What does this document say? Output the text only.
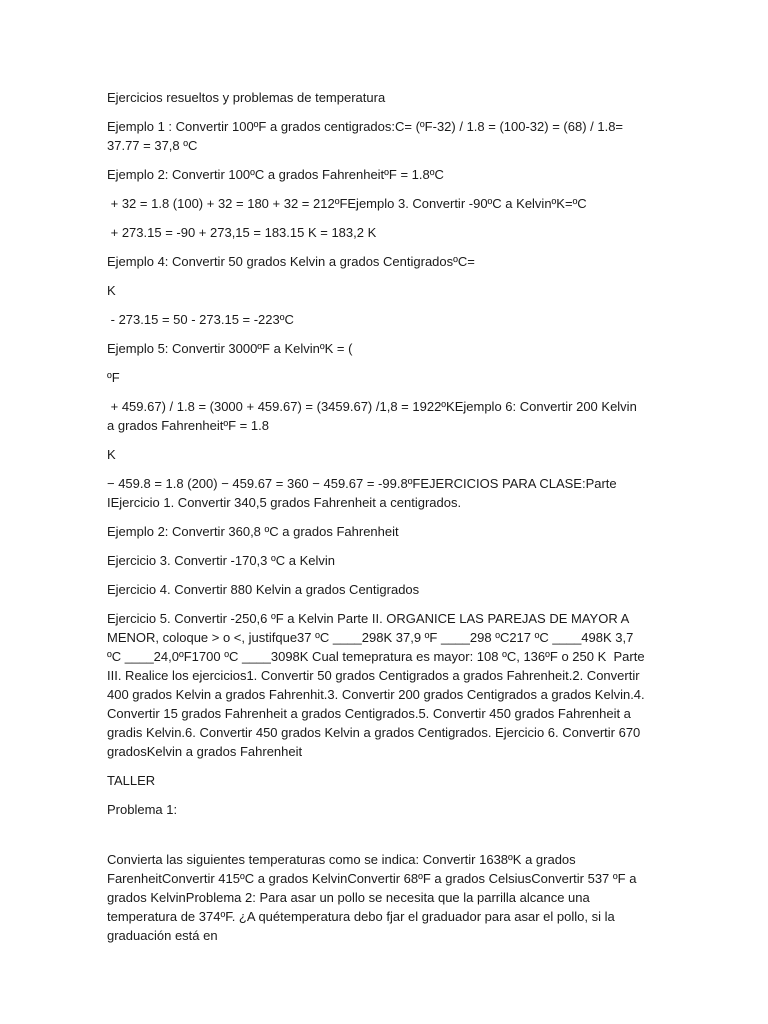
Ejercicios resueltos y problemas de temperatura

Ejemplo 1 : Convertir 100ºF a grados centigrados:C= (ºF-32) / 1.8 = (100-32) = (68) / 1.8= 37.77 = 37,8 ºC

Ejemplo 2: Convertir 100ºC a grados FahrenheitºF = 1.8ºC

+ 32 = 1.8 (100) + 32 = 180 + 32 = 212ºFEjemplo 3. Convertir -90ºC a KelvinºK=ºC

+ 273.15 = -90 + 273,15 = 183.15 K = 183,2 K

Ejemplo 4: Convertir 50 grados Kelvin a grados CentigradosºC=

K

- 273.15 = 50 - 273.15 = -223ºC

Ejemplo 5: Convertir 3000ºF a KelvinºK = (

ºF

+ 459.67) / 1.8 = (3000 + 459.67) = (3459.67) /1,8 = 1922ºKEjemplo 6: Convertir 200 Kelvin a grados FahrenheitºF = 1.8

K

− 459.8 = 1.8 (200) − 459.67 = 360 − 459.67 = -99.8ºFEJERCICIOS PARA CLASE:Parte IEjercicio 1. Convertir 340,5 grados Fahrenheit a centigrados.

Ejemplo 2: Convertir 360,8 ºC a grados Fahrenheit

Ejercicio 3. Convertir -170,3 ºC a Kelvin

Ejercicio 4. Convertir 880 Kelvin a grados Centigrados

Ejercicio 5. Convertir -250,6 ºF a Kelvin Parte II. ORGANICE LAS PAREJAS DE MAYOR A MENOR, coloque > o <, justifque37 ºC ____298K 37,9 ºF ____298 ºC217 ºC ____498K 3,7 ºC ____24,0ºF1700 ºC ____3098K Cual temepratura es mayor: 108 ºC, 136ºF o 250 K  Parte III. Realice los ejercicios1. Convertir 50 grados Centigrados a grados Fahrenheit.2. Convertir 400 grados Kelvin a grados Fahrenhit.3. Convertir 200 grados Centigrados a grados Kelvin.4. Convertir 15 grados Fahrenheit a grados Centigrados.5. Convertir 450 grados Fahrenheit a gradis Kelvin.6. Convertir 450 grados Kelvin a grados Centigrados. Ejercicio 6. Convertir 670 gradosKelvin a grados Fahrenheit

TALLER

Problema 1:

Convierta las siguientes temperaturas como se indica: Convertir 1638ºK a grados FarenheitConvertir 415ºC a grados KelvinConvertir 68ºF a grados CelsiusConvertir 537 ºF a grados KelvinProblema 2: Para asar un pollo se necesita que la parrilla alcance una temperatura de 374ºF. ¿A quétemperatura debo fjar el graduador para asar el pollo, si la graduación está en
